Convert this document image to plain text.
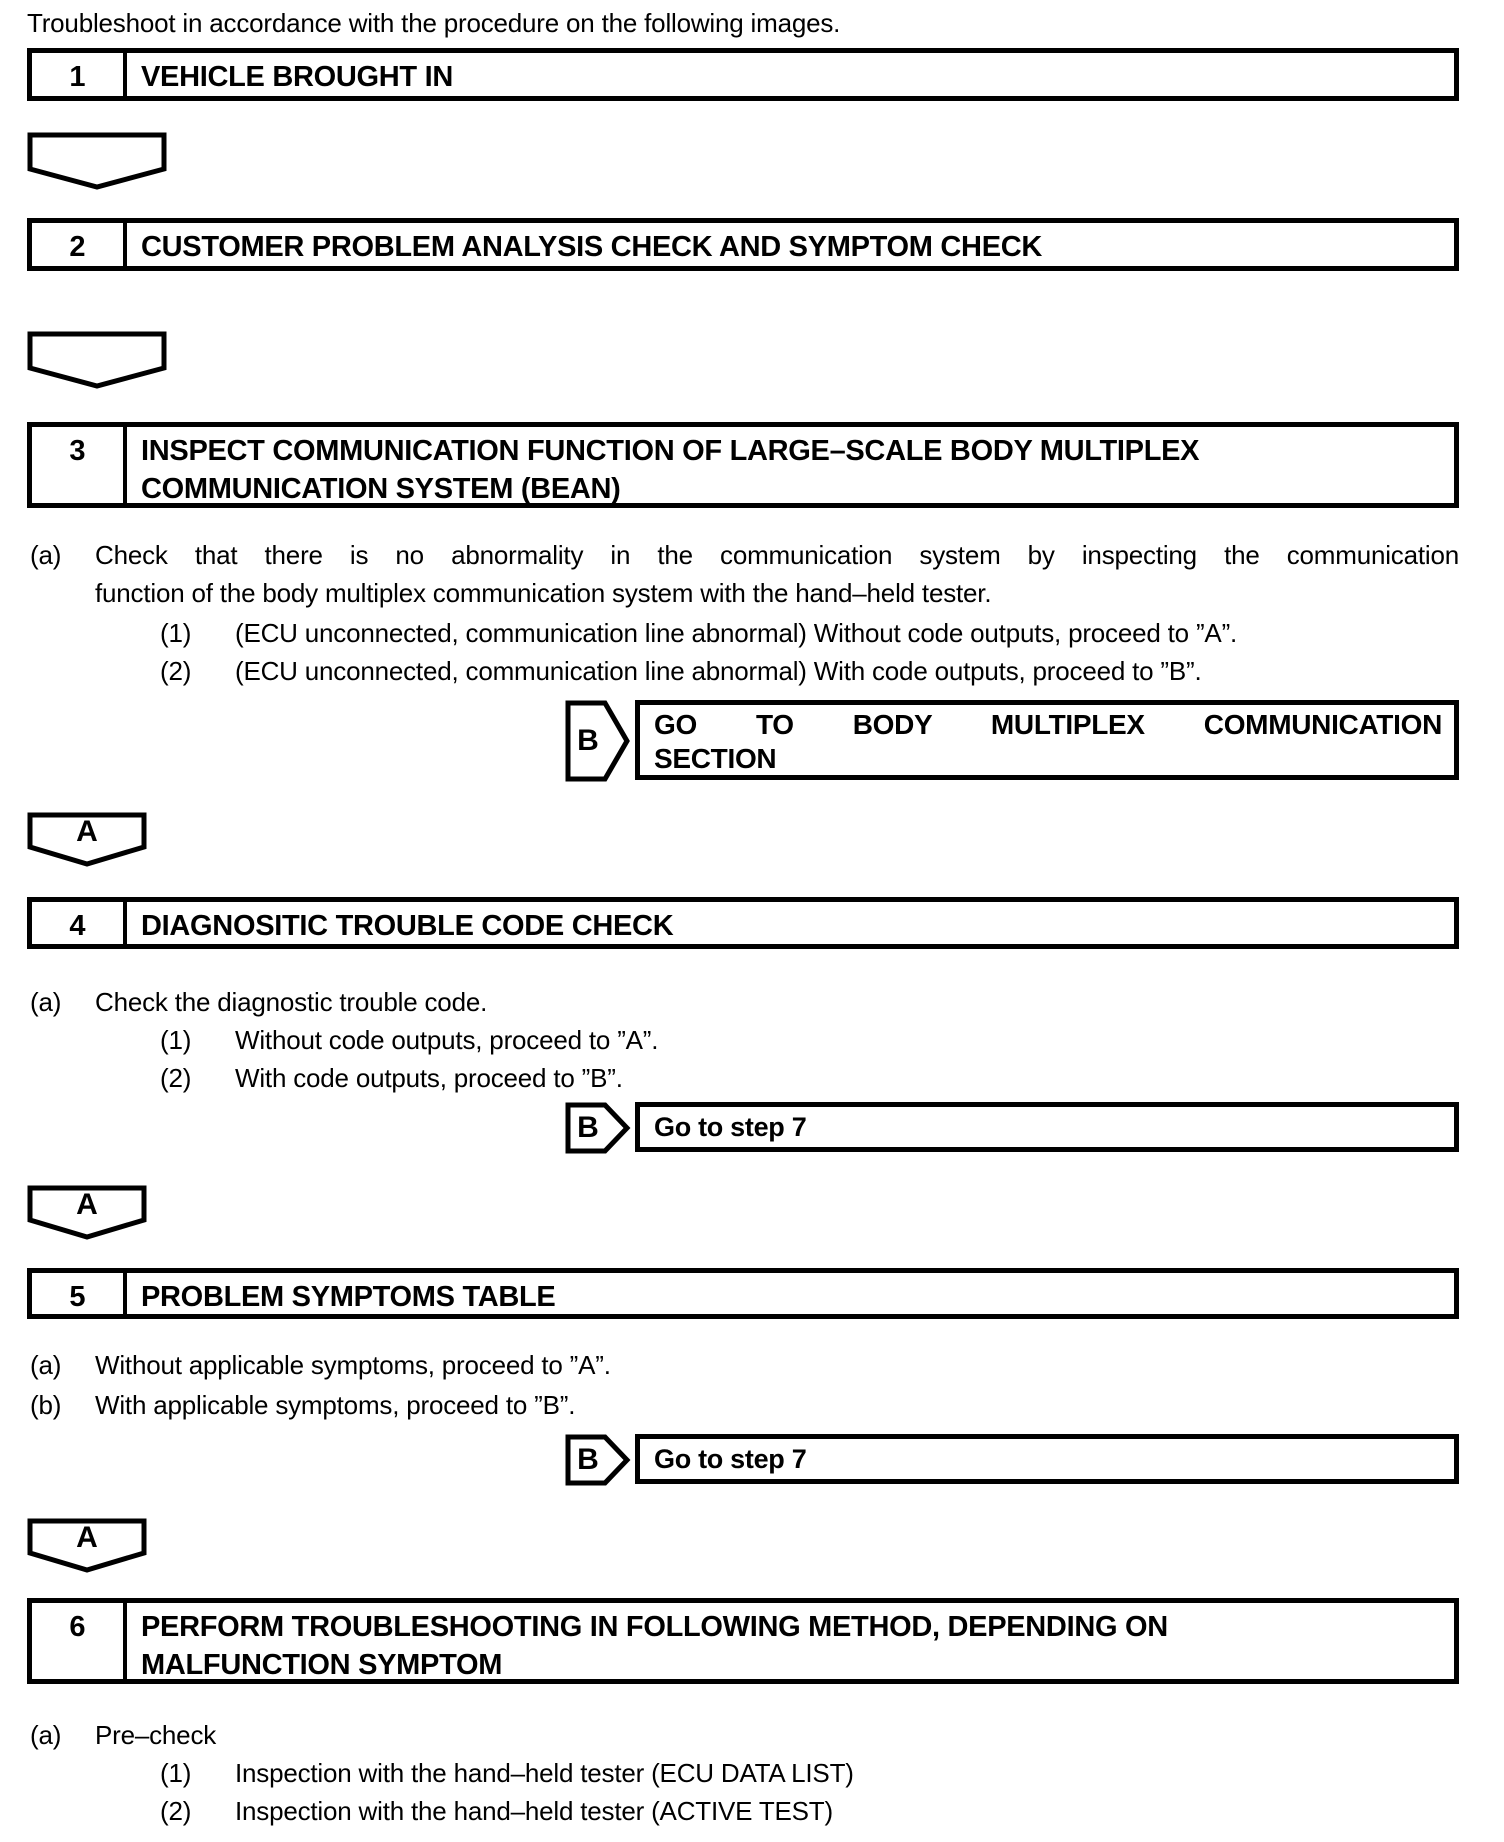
Troubleshoot in accordance with the procedure on the following images.
1	VEHICLE BROUGHT IN
2	CUSTOMER PROBLEM ANALYSIS CHECK AND SYMPTOM CHECK
3	INSPECT COMMUNICATION FUNCTION OF LARGE–SCALE BODY MULTIPLEX
COMMUNICATION SYSTEM (BEAN)
(a) Check that there is no abnormality in the communication system by inspecting the communication
function of the body multiplex communication system with the hand–held tester.
(1) (ECU unconnected, communication line abnormal) Without code outputs, proceed to ”A”.
(2) (ECU unconnected, communication line abnormal) With code outputs, proceed to ”B”.
B	GO TO BODY MULTIPLEX COMMUNICATION
SECTION
A
4	DIAGNOSITIC TROUBLE CODE CHECK
(a) Check the diagnostic trouble code.
(1) Without code outputs, proceed to ”A”.
(2) With code outputs, proceed to ”B”.
B	Go to step 7
A
5	PROBLEM SYMPTOMS TABLE
(a) Without applicable symptoms, proceed to ”A”.
(b) With applicable symptoms, proceed to ”B”.
B	Go to step 7
A
6	PERFORM TROUBLESHOOTING IN FOLLOWING METHOD, DEPENDING ON
MALFUNCTION SYMPTOM
(a) Pre–check
(1) Inspection with the hand–held tester (ECU DATA LIST)
(2) Inspection with the hand–held tester (ACTIVE TEST)
